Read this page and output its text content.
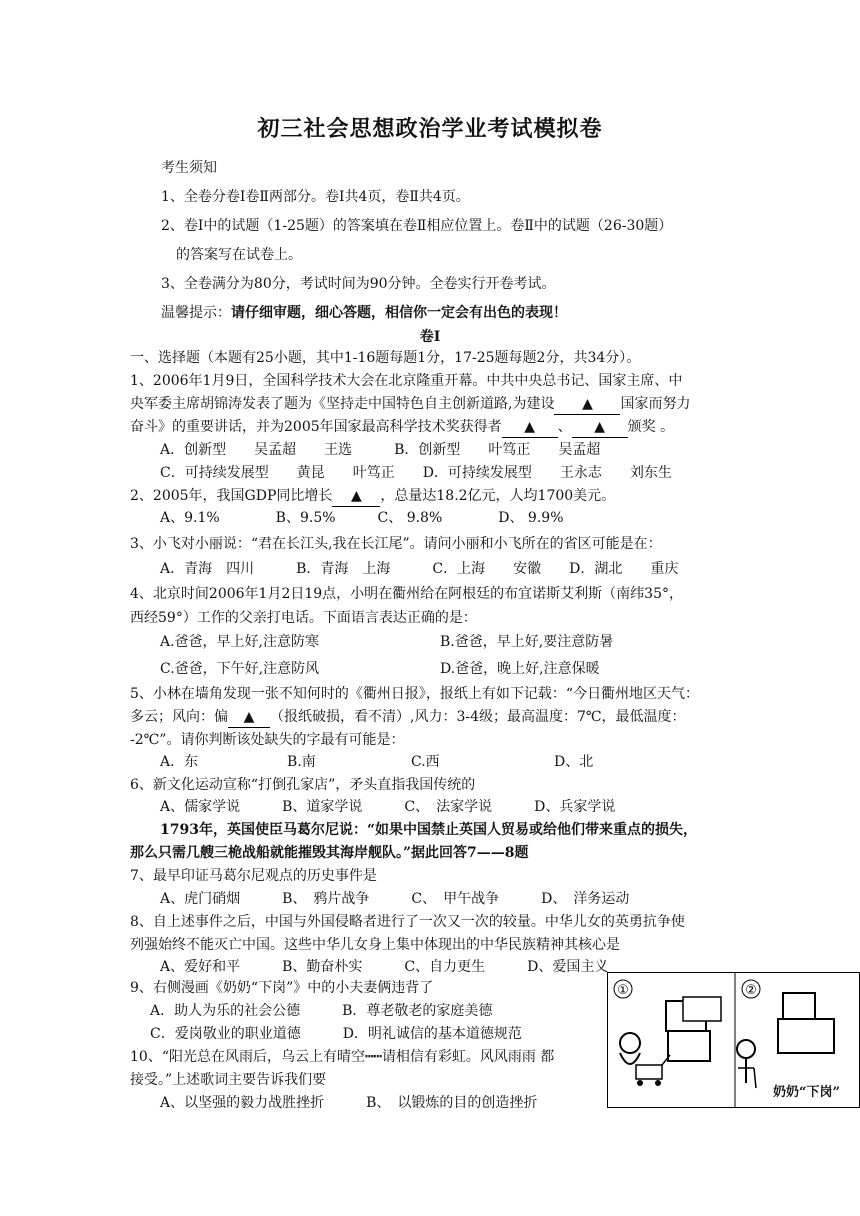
初三社会思想政治学业考试模拟卷
考生须知
1、全卷分卷Ⅰ卷Ⅱ两部分。卷Ⅰ共4页，卷Ⅱ共4页。
2、卷Ⅰ中的试题（1-25题）的答案填在卷Ⅱ相应位置上。卷Ⅱ中的试题（26-30题）
的答案写在试卷上。
3、全卷满分为80分，考试时间为90分钟。全卷实行开卷考试。
温馨提示：请仔细审题，细心答题，相信你一定会有出色的表现！
卷Ⅰ
一、选择题（本题有25小题，其中1-16题每题1分，17-25题每题2分，共34分）。
1、2006年1月9日，全国科学技术大会在北京隆重开幕。中共中央总书记、国家主席、中
央军委主席胡锦涛发表了题为《坚持走中国特色自主创新道路,为建设 ▲ 国家而努力
奋斗》的重要讲话，并为2005年国家最高科学技术奖获得者 ▲ 、 ▲ 颁奖 。
A．创新型　　吴孟超　　王选　　　B．创新型　　叶笃正　　吴孟超
C．可持续发展型　　黄昆　　叶笃正　　D．可持续发展型　　王永志　　刘东生
2、2005年，我国GDP同比增长 ▲ ，总量达18.2亿元，人均1700美元。
A、9.1%　　　　B、9.5%　　　C、 9.8%　　　　D、 9.9%
3、小飞对小丽说：“君在长江头,我在长江尾”。请问小丽和小飞所在的省区可能是在：
A．青海　四川　　　B．青海　上海　　　C．上海　　安徽　　D．湖北　　重庆
4、北京时间2006年1月2日19点，小明在衢州给在阿根廷的布宜诺斯艾利斯（南纬35°，
西经59°）工作的父亲打电话。下面语言表达正确的是：
A.爸爸，早上好,注意防寒	B.爸爸，早上好,要注意防暑
C.爸爸，下午好,注意防风	D.爸爸，晚上好,注意保暖
5、小林在墙角发现一张不知何时的《衢州日报》，报纸上有如下记载：“今日衢州地区天气：
多云；风向：偏 ▲ （报纸破损，看不清）,风力：3-4级；最高温度：7℃，最低温度：
-2℃”。请你判断该处缺失的字最有可能是：
A．东	B.南	C.西	D、北
6、新文化运动宣称“打倒孔家店”，矛头直指我国传统的
A、儒家学说　　　B、道家学说　　　C、　法家学说　　　D、兵家学说
1793年，英国使臣马葛尔尼说：“如果中国禁止英国人贸易或给他们带来重点的损失，
那么只需几艘三桅战船就能摧毁其海岸舰队。”据此回答7——8题
7、最早印证马葛尔尼观点的历史事件是
A、虎门硝烟　　　B、　鸦片战争　　　C、　甲午战争　　　D、　洋务运动
8、自上述事件之后，中国与外国侵略者进行了一次又一次的较量。中华儿女的英勇抗争使
列强始终不能灭亡中国。这些中华儿女身上集中体现出的中华民族精神其核心是
A、爱好和平　　　B、勤奋朴实　　　C、自力更生　　　D、爱国主义
9、右侧漫画《奶奶“下岗”》中的小夫妻俩违背了
A．助人为乐的社会公德　　　B．尊老敬老的家庭美德
C．爱岗敬业的职业道德　　　D．明礼诚信的基本道德规范
10、“阳光总在风雨后，乌云上有晴空┅┅请相信有彩虹。风风雨雨 都
接受。”上述歌词主要告诉我们要
A、以坚强的毅力战胜挫折　　　B、　以锻炼的目的创造挫折
①	②
奶奶“下岗”
